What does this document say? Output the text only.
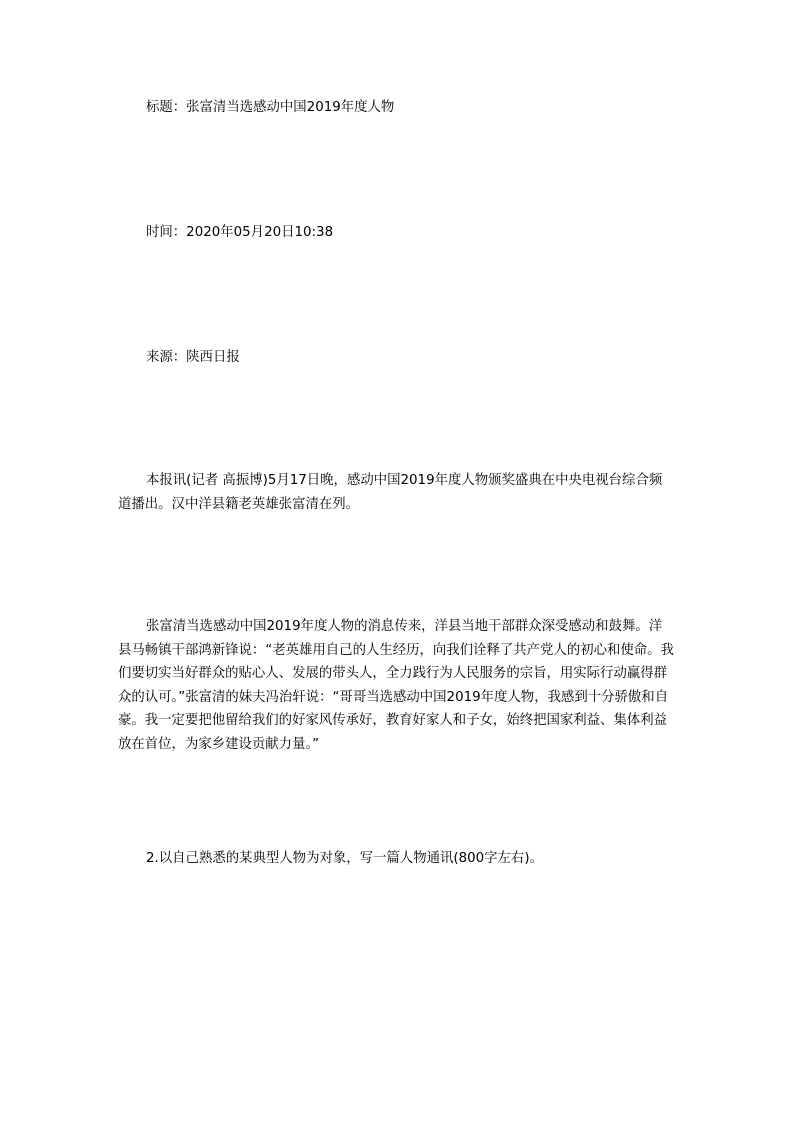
标题：张富清当选感动中国2019年度人物

时间：2020年05月20日10:38

来源：陕西日报

本报讯(记者 高振博)5月17日晚，感动中国2019年度人物颁奖盛典在中央电视台综合频道播出。汉中洋县籍老英雄张富清在列。

张富清当选感动中国2019年度人物的消息传来，洋县当地干部群众深受感动和鼓舞。洋县马畅镇干部鸿新锋说：“老英雄用自己的人生经历，向我们诠释了共产党人的初心和使命。我们要切实当好群众的贴心人、发展的带头人，全力践行为人民服务的宗旨，用实际行动赢得群众的认可。”张富清的妹夫冯治轩说：“哥哥当选感动中国2019年度人物，我感到十分骄傲和自豪。我一定要把他留给我们的好家风传承好，教育好家人和子女，始终把国家利益、集体利益放在首位，为家乡建设贡献力量。”

2.以自己熟悉的某典型人物为对象，写一篇人物通讯(800字左右)。
